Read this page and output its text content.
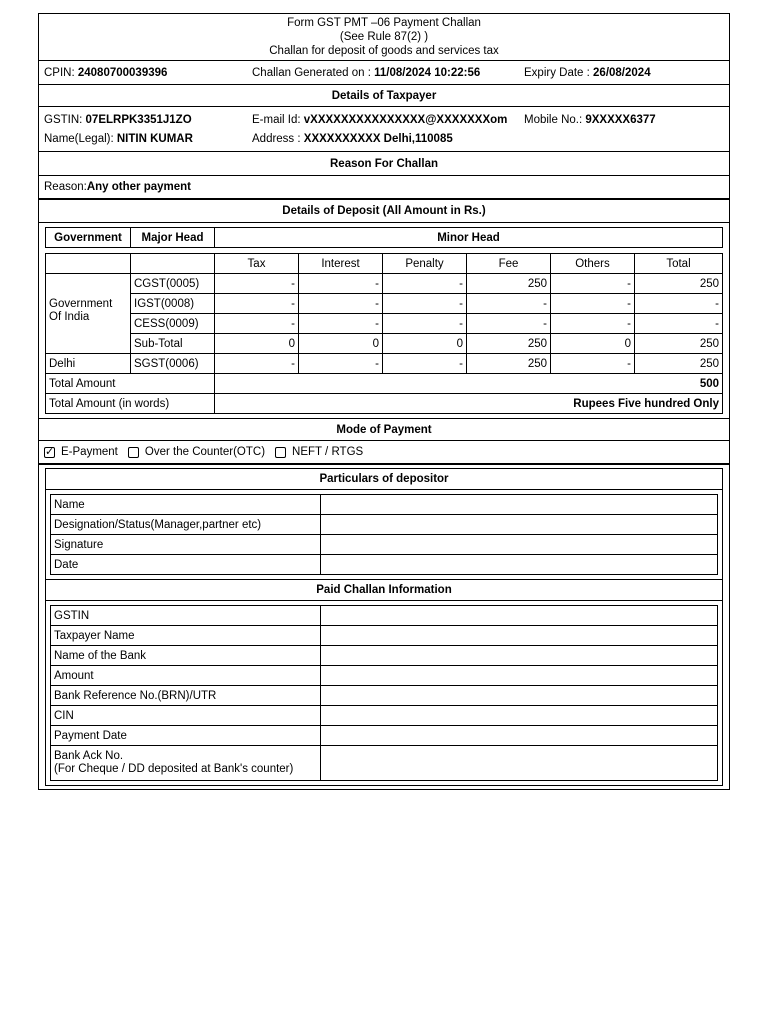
Form GST PMT –06 Payment Challan
(See Rule 87(2) )
Challan for deposit of goods and services tax
CPIN: 24080700039396	Challan Generated on : 11/08/2024 10:22:56	Expiry Date : 26/08/2024
Details of Taxpayer
GSTIN: 07ELRPK3351J1ZO	E-mail Id: vXXXXXXXXXXXXXXX@XXXXXXXom	Mobile No.: 9XXXXX6377
Name(Legal): NITIN KUMAR	Address : XXXXXXXXXX Delhi,110085
Reason For Challan
Reason: Any other payment
Details of Deposit (All Amount in Rs.)
Government	Major Head	Minor Head
		Tax	Interest	Penalty	Fee	Others	Total
Government Of India	CGST(0005)	-	-	-	250	-	250
	IGST(0008)	-	-	-	-	-	-
	CESS(0009)	-	-	-	-	-	-
	Sub-Total	0	0	0	250	0	250
Delhi	SGST(0006)	-	-	-	250	-	250
Total Amount		500					
Total Amount (in words)		Rupees Five hundred Only					
Mode of Payment
✓
E-Payment Over the Counter(OTC) NEFT / RTGS
Particulars of depositor
Name	
Designation/Status(Manager,partner etc)	
Signature	
Date	
Paid Challan Information
GSTIN	
Taxpayer Name	
Name of the Bank	
Amount	
Bank Reference No.(BRN)/UTR	
CIN	
Payment Date	

Bank Ack No.
(For Cheque / DD deposited at Bank's counter)	
